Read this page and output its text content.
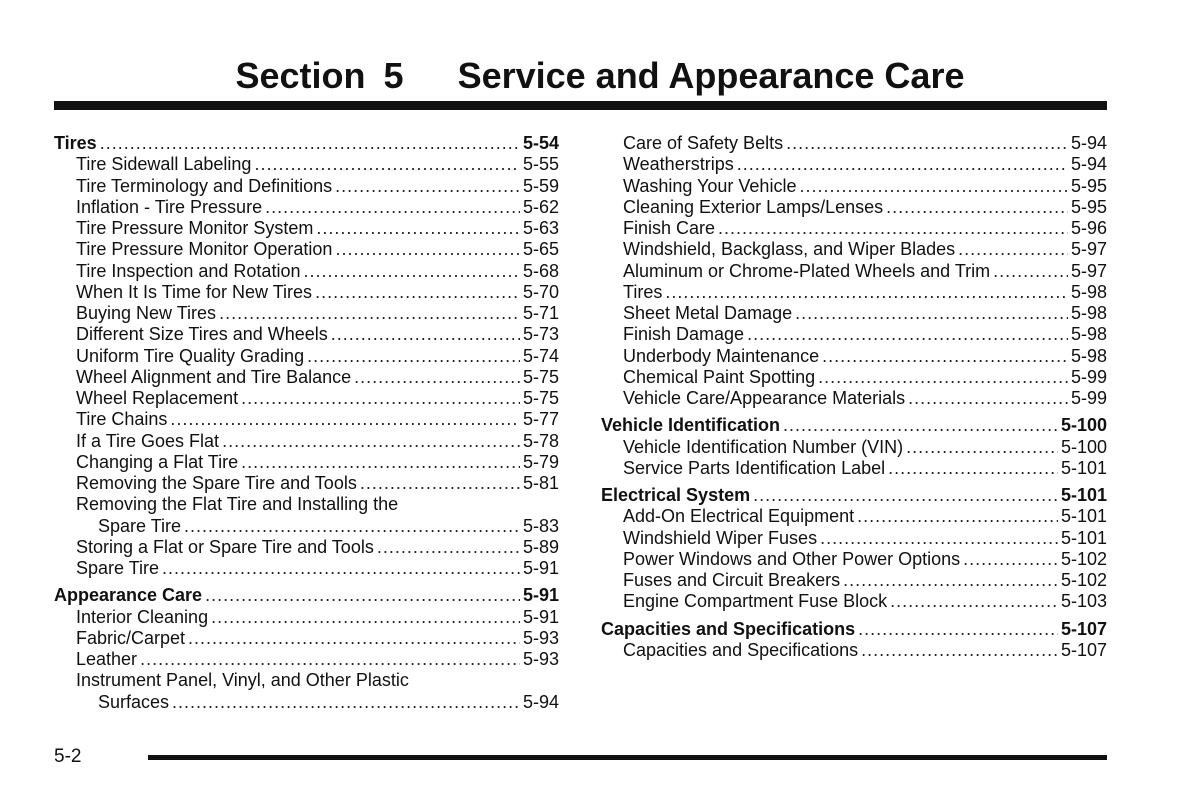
Section 5 Service and Appearance Care
Tires .....	5-54
Tire Sidewall Labeling .....	5-55
Tire Terminology and Definitions .....	5-59
Inflation - Tire Pressure .....	5-62
Tire Pressure Monitor System .....	5-63
Tire Pressure Monitor Operation .....	5-65
Tire Inspection and Rotation .....	5-68
When It Is Time for New Tires .....	5-70
Buying New Tires .....	5-71
Different Size Tires and Wheels .....	5-73
Uniform Tire Quality Grading .....	5-74
Wheel Alignment and Tire Balance .....	5-75
Wheel Replacement .....	5-75
Tire Chains .....	5-77
If a Tire Goes Flat .....	5-78
Changing a Flat Tire .....	5-79
Removing the Spare Tire and Tools .....	5-81
Removing the Flat Tire and Installing the
Spare Tire .....	5-83
Storing a Flat or Spare Tire and Tools .....	5-89
Spare Tire .....	5-91
Appearance Care .....	5-91
Interior Cleaning .....	5-91
Fabric/Carpet .....	5-93
Leather .....	5-93
Instrument Panel, Vinyl, and Other Plastic
Surfaces .....	5-94
Care of Safety Belts .....	5-94
Weatherstrips .....	5-94
Washing Your Vehicle .....	5-95
Cleaning Exterior Lamps/Lenses .....	5-95
Finish Care .....	5-96
Windshield, Backglass, and Wiper Blades .....	5-97
Aluminum or Chrome-Plated Wheels and Trim .....	5-97
Tires .....	5-98
Sheet Metal Damage .....	5-98
Finish Damage .....	5-98
Underbody Maintenance .....	5-98
Chemical Paint Spotting .....	5-99
Vehicle Care/Appearance Materials .....	5-99
Vehicle Identification .....	5-100
Vehicle Identification Number (VIN) .....	5-100
Service Parts Identification Label .....	5-101
Electrical System .....	5-101
Add-On Electrical Equipment .....	5-101
Windshield Wiper Fuses .....	5-101
Power Windows and Other Power Options .....	5-102
Fuses and Circuit Breakers .....	5-102
Engine Compartment Fuse Block .....	5-103
Capacities and Specifications .....	5-107
Capacities and Specifications .....	5-107
5-2
